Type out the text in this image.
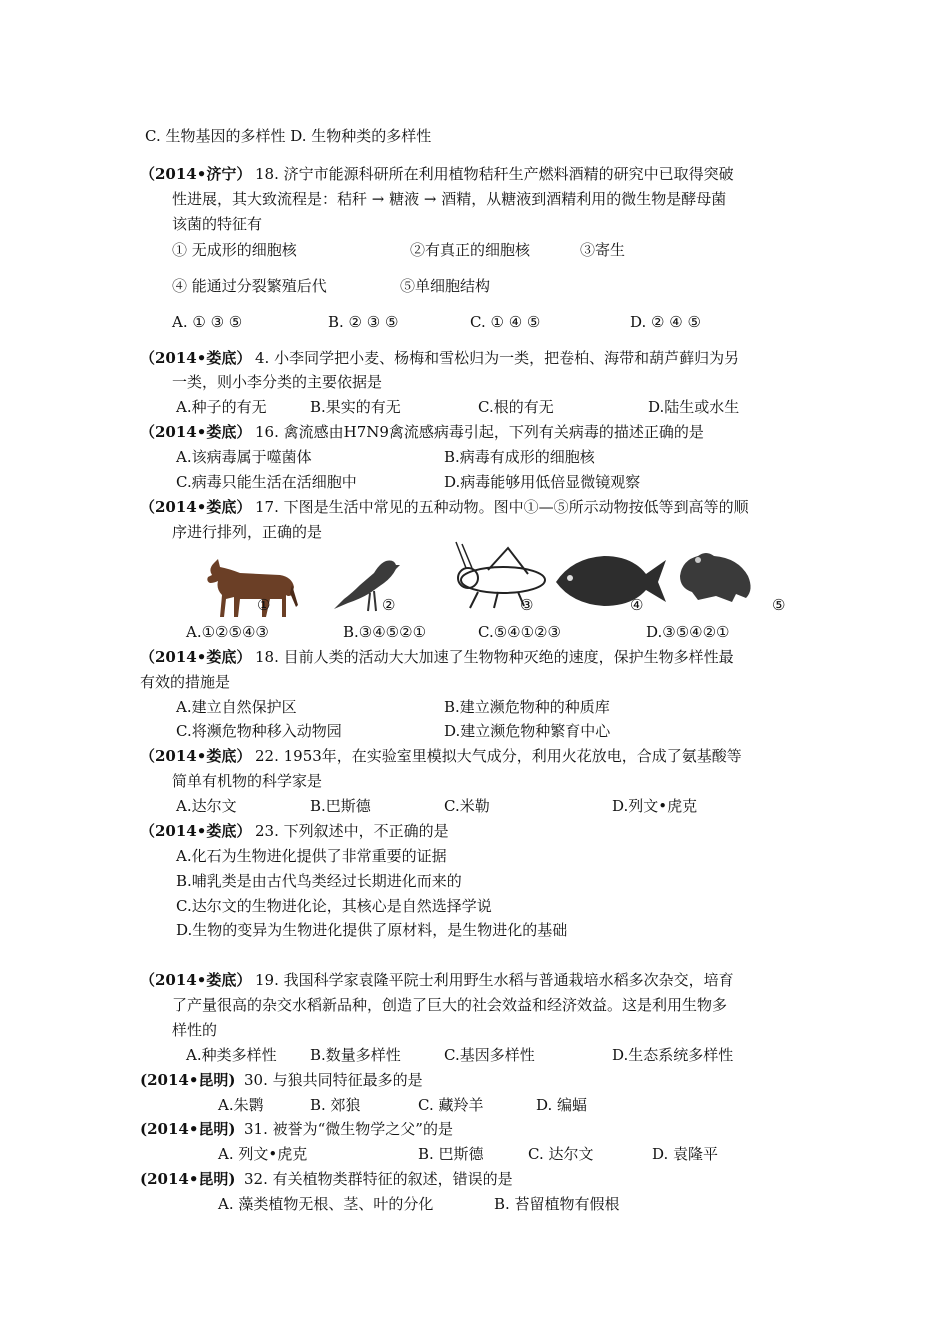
C. 生物基因的多样性 D. 生物种类的多样性
（2014•济宁） 18. 济宁市能源科研所在利用植物秸秆生产燃料酒精的研究中已取得突破
性进展，其大致流程是：秸秆 → 糖液 → 酒精，从糖液到酒精利用的微生物是酵母菌
该菌的特征有
① 无成形的细胞核	②有真正的细胞核	③寄生
④ 能通过分裂繁殖后代	⑤单细胞结构
A. ① ③ ⑤	B. ② ③ ⑤	C. ① ④ ⑤	D. ② ④ ⑤
（2014•娄底） 4. 小李同学把小麦、杨梅和雪松归为一类，把卷柏、海带和葫芦藓归为另
一类，则小李分类的主要依据是
A.种子的有无	B.果实的有无	C.根的有无	D.陆生或水生
（2014•娄底） 16. 禽流感由H7N9禽流感病毒引起，下列有关病毒的描述正确的是
A.该病毒属于噬菌体	B.病毒有成形的细胞核
C.病毒只能生活在活细胞中	D.病毒能够用低倍显微镜观察
（2014•娄底） 17. 下图是生活中常见的五种动物。图中①—⑤所示动物按低等到高等的顺
序进行排列，正确的是
①	②	③	④	⑤
A.①②⑤④③	B.③④⑤②①	C.⑤④①②③	D.③⑤④②①
（2014•娄底） 18. 目前人类的活动大大加速了生物物种灭绝的速度，保护生物多样性最
有效的措施是
A.建立自然保护区	B.建立濒危物种的种质库
C.将濒危物种移入动物园	D.建立濒危物种繁育中心
（2014•娄底） 22. 1953年，在实验室里模拟大气成分，利用火花放电，合成了氨基酸等
简单有机物的科学家是
A.达尔文	B.巴斯德	C.米勒	D.列文•虎克
（2014•娄底） 23. 下列叙述中，不正确的是
A.化石为生物进化提供了非常重要的证据
B.哺乳类是由古代鸟类经过长期进化而来的
C.达尔文的生物进化论，其核心是自然选择学说
D.生物的变异为生物进化提供了原材料，是生物进化的基础
（2014•娄底） 19. 我国科学家袁隆平院士利用野生水稻与普通栽培水稻多次杂交，培育
了产量很高的杂交水稻新品种，创造了巨大的社会效益和经济效益。这是利用生物多
样性的
A.种类多样性 B.数量多样性	C.基因多样性	D.生态系统多样性
(2014•昆明) 30. 与狼共同特征最多的是
A.朱鹮	B. 郊狼	C. 藏羚羊	D. 编蝠
(2014•昆明) 31. 被誉为“微生物学之父”的是
A. 列文•虎克	B. 巴斯德	C. 达尔文	D. 袁隆平
(2014•昆明) 32. 有关植物类群特征的叙述，错误的是
A. 藻类植物无根、茎、叶的分化	B. 苔留植物有假根
